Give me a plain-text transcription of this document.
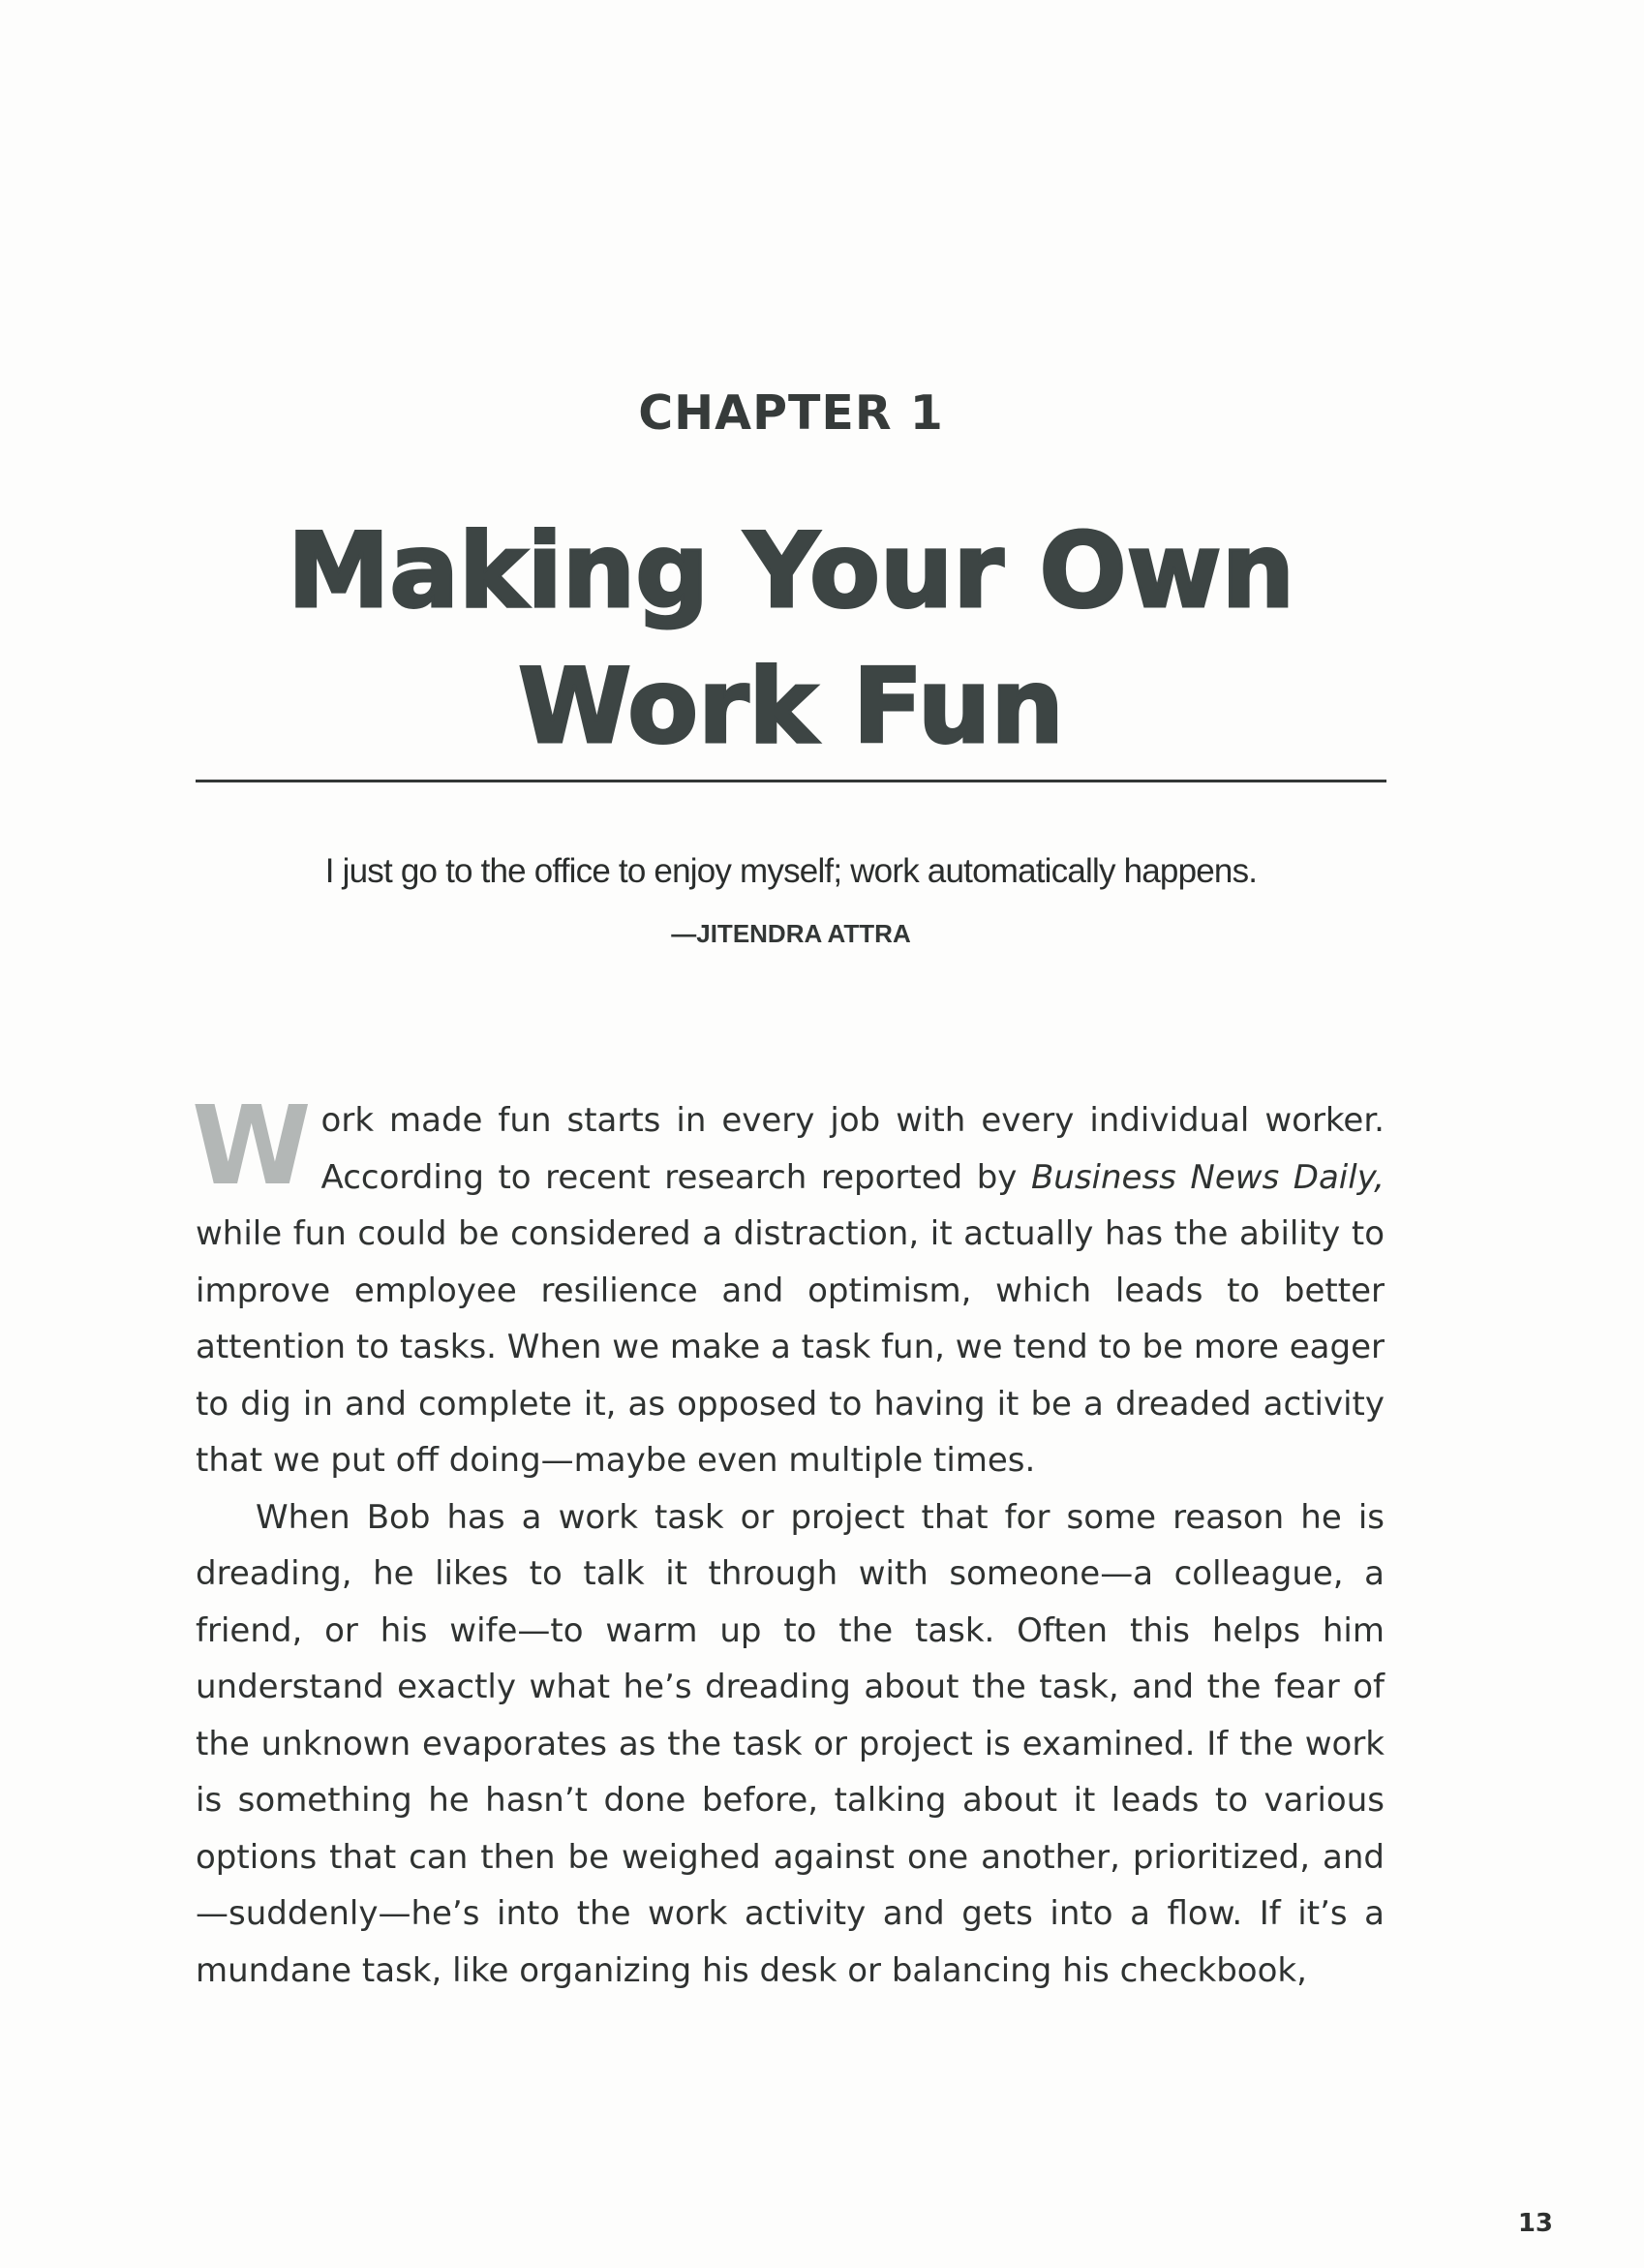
CHAPTER 1
Making Your Own
Work Fun
I just go to the office to enjoy myself; work automatically happens.
—JITENDRA ATTRA

Work made fun starts in every job with every individual worker. According to recent research reported by Business News Daily, while fun could be considered a distraction, it actually has the ability to improve employee resilience and optimism, which leads to better attention to tasks. When we make a task fun, we tend to be more eager to dig in and complete it, as opposed to having it be a dreaded activity that we put off doing—maybe even multiple times.

When Bob has a work task or project that for some reason he is dreading, he likes to talk it through with someone—a colleague, a friend, or his wife—to warm up to the task. Often this helps him understand exactly what he’s dreading about the task, and the fear of the unknown evaporates as the task or project is examined. If the work is something he hasn’t done before, talking about it leads to various options that can then be weighed against one another, prioritized, and—suddenly—he’s into the work activity and gets into a flow. If it’s a mundane task, like organizing his desk or balancing his checkbook,

13
